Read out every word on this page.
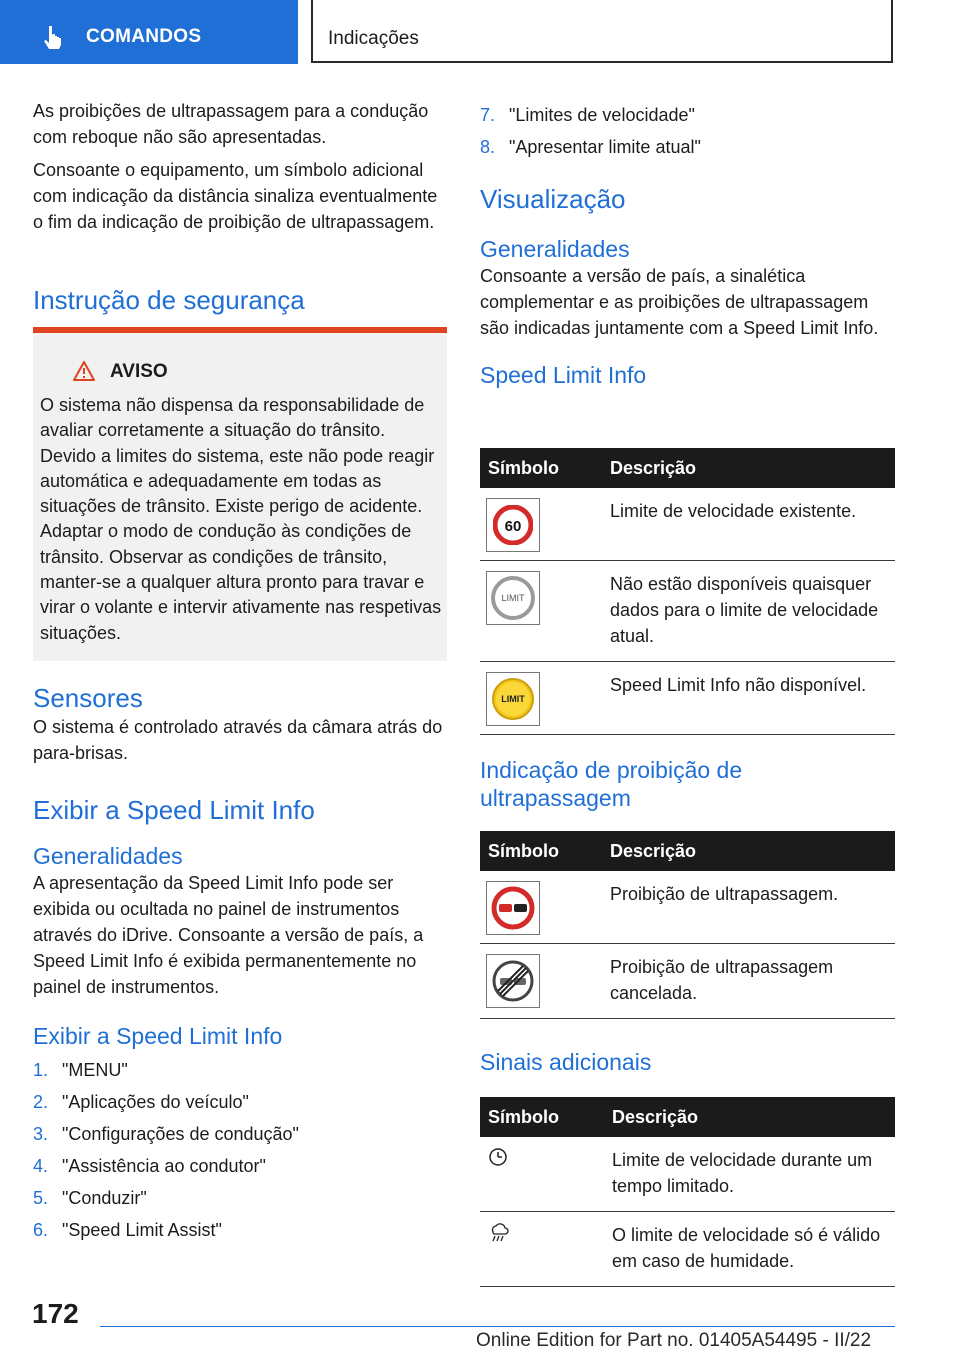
COMANDOS	Indicações

As proibições de ultrapassagem para a condução com reboque não são apresentadas.

Consoante o equipamento, um símbolo adicional com indicação da distância sinaliza eventualmente o fim da indicação de proibição de ultrapassagem.

Instrução de segurança
AVISO
O sistema não dispensa da responsabilidade de avaliar corretamente a situação do trânsito. Devido a limites do sistema, este não pode reagir automática e adequadamente em todas as situações de trânsito. Existe perigo de acidente. Adaptar o modo de condução às condições de trânsito. Observar as condições de trânsito, manter-se a qualquer altura pronto para travar e virar o volante e intervir ativamente nas respetivas situações.
Sensores

O sistema é controlado através da câmara atrás do para-brisas.

Exibir a Speed Limit Info
Generalidades

A apresentação da Speed Limit Info pode ser exibida ou ocultada no painel de instrumentos através do iDrive. Consoante a versão de país, a Speed Limit Info é exibida permanentemente no painel de instrumentos.

Exibir a Speed Limit Info
1. "MENU"
2. "Aplicações do veículo"
3. "Configurações de condução"
4. "Assistência ao condutor"
5. "Conduzir"
6. "Speed Limit Assist"
7. "Limites de velocidade"
8. "Apresentar limite atual"
Visualização
Generalidades

Consoante a versão de país, a sinalética complementar e as proibições de ultrapassagem são indicadas juntamente com a Speed Limit Info.

Speed Limit Info
Símbolo	Descrição

60	Limite de velocidade existente.

LIMIT	Não estão disponíveis quaisquer dados para o limite de velocidade atual.

LIMIT	Speed Limit Info não disponível.
Indicação de proibição de ultrapassagem
Símbolo	Descrição

	Proibição de ultrapassagem.

	Proibição de ultrapassagem cancelada.
Sinais adicionais
Símbolo	Descrição
	Limite de velocidade durante um tempo limitado.
	O limite de velocidade só é válido em caso de humidade.
172
Online Edition for Part no. 01405A54495 - II/22
